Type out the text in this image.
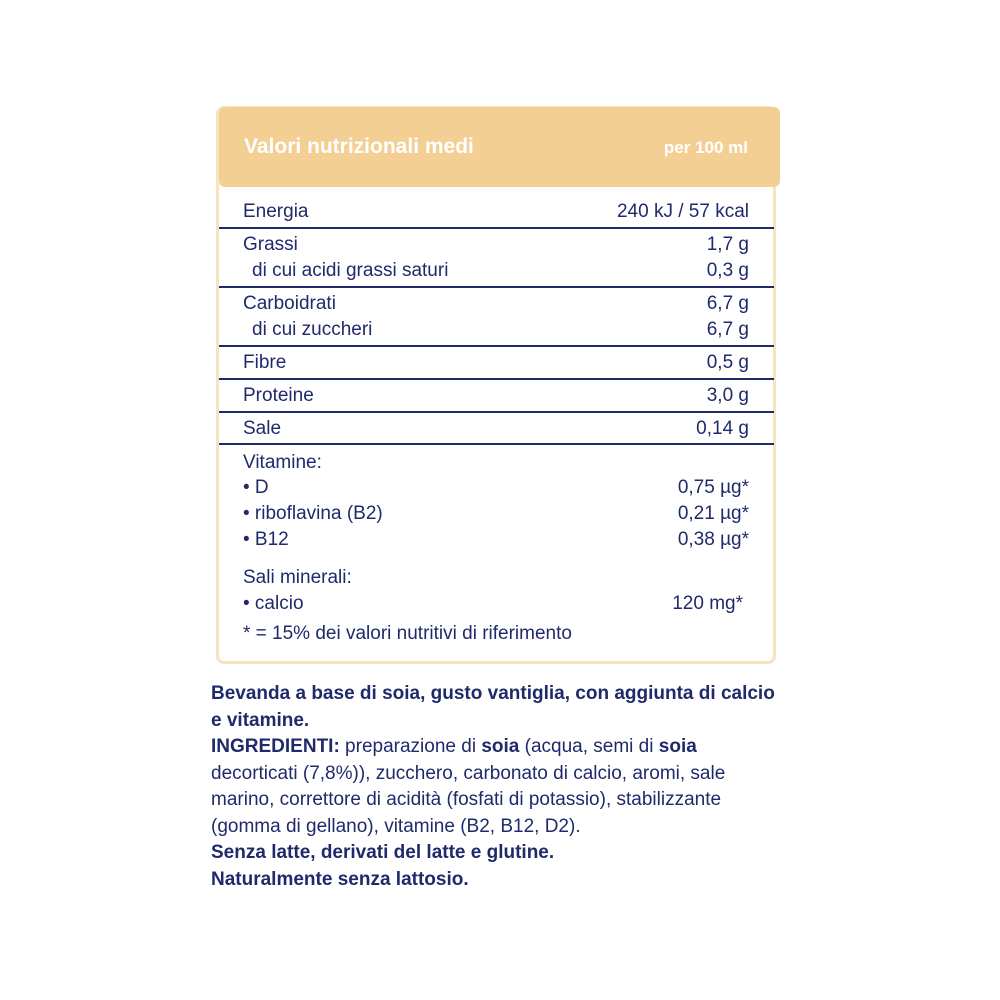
Valori nutrizionali medi	per 100 ml
Energia	240 kJ / 57 kcal
Grassi	1,7 g
di cui acidi grassi saturi	0,3 g
Carboidrati	6,7 g
di cui zuccheri	6,7 g
Fibre	0,5 g
Proteine	3,0 g
Sale	0,14 g
Vitamine:
• D	0,75 µg*
• riboflavina (B2)	0,21 µg*
• B12	0,38 µg*
Sali minerali:
• calcio	120 mg*
* = 15% dei valori nutritivi di riferimento

Bevanda a base di soia, gusto vantiglia, con aggiunta di calcio e vitamine.

INGREDIENTI: preparazione di soia (acqua, semi di soia decorticati (7,8%)), zucchero, carbonato di calcio, aromi, sale marino, correttore di acidità (fosfati di potassio), stabilizzante (gomma di gellano), vitamine (B2, B12, D2).

Senza latte, derivati del latte e glutine.

Naturalmente senza lattosio.
